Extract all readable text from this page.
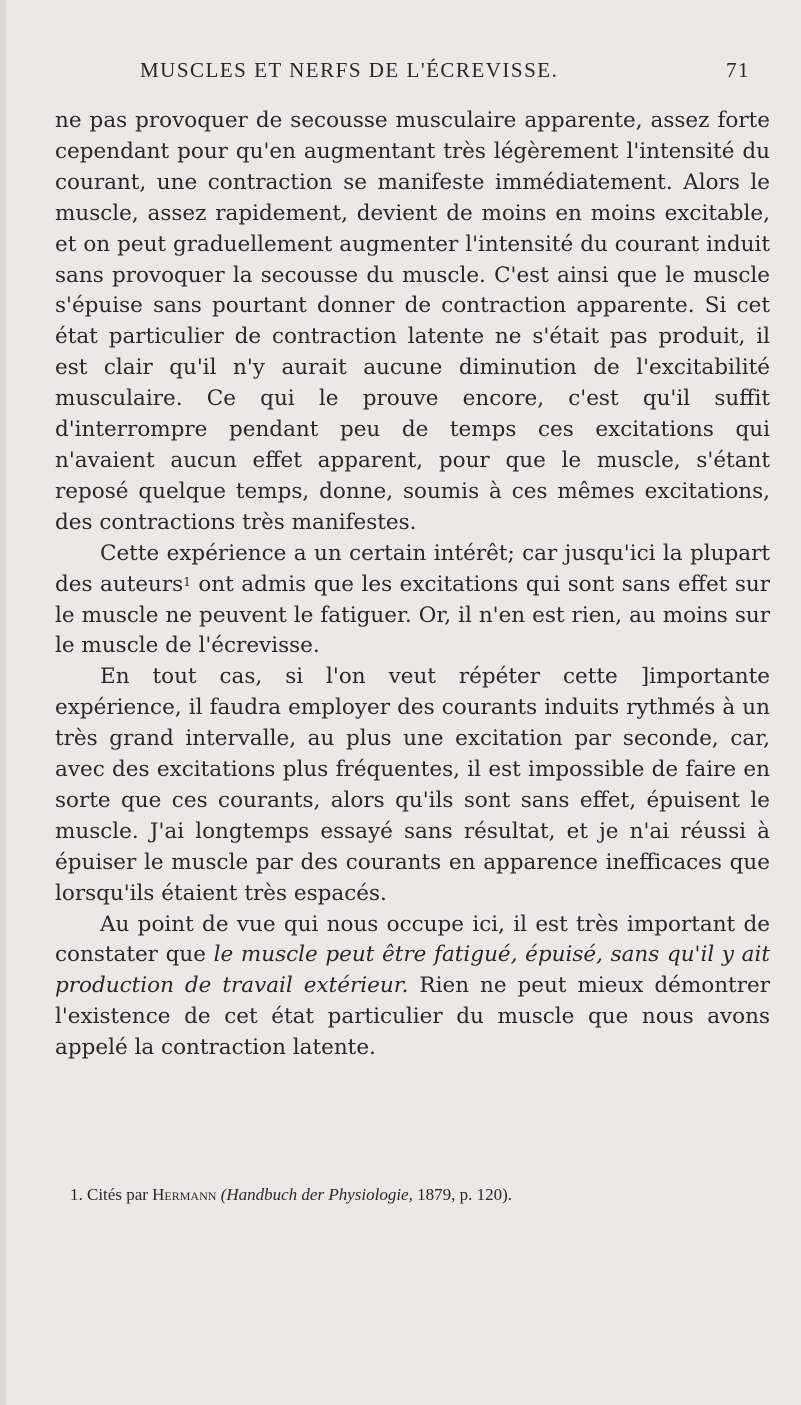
MUSCLES ET NERFS DE L'ÉCREVISSE.	71

ne pas provoquer de secousse musculaire apparente, assez forte cependant pour qu'en augmentant très légèrement l'intensité du courant, une contraction se manifeste immédiatement. Alors le muscle, assez rapidement, devient de moins en moins excitable, et on peut graduellement augmenter l'intensité du courant induit sans provoquer la secousse du muscle. C'est ainsi que le muscle s'épuise sans pourtant donner de contraction apparente. Si cet état particulier de contraction latente ne s'était pas produit, il est clair qu'il n'y aurait aucune diminution de l'excitabilité musculaire. Ce qui le prouve encore, c'est qu'il suffit d'interrompre pendant peu de temps ces excitations qui n'avaient aucun effet apparent, pour que le muscle, s'étant reposé quelque temps, donne, soumis à ces mêmes excitations, des contractions très manifestes.

Cette expérience a un certain intérêt; car jusqu'ici la plupart des auteurs$^1$ ont admis que les excitations qui sont sans effet sur le muscle ne peuvent le fatiguer. Or, il n'en est rien, au moins sur le muscle de l'écrevisse.

En tout cas, si l'on veut répéter cette ]importante expérience, il faudra employer des courants induits rythmés à un très grand intervalle, au plus une excitation par seconde, car, avec des excitations plus fréquentes, il est impossible de faire en sorte que ces courants, alors qu'ils sont sans effet, épuisent le muscle. J'ai longtemps essayé sans résultat, et je n'ai réussi à épuiser le muscle par des courants en apparence inefficaces que lorsqu'ils étaient très espacés.

Au point de vue qui nous occupe ici, il est très important de constater que le muscle peut être fatigué, épuisé, sans qu'il y ait production de travail extérieur. Rien ne peut mieux démontrer l'existence de cet état particulier du muscle que nous avons appelé la contraction latente.

1. Cités par Hermann (Handbuch der Physiologie, 1879, p. 120).
